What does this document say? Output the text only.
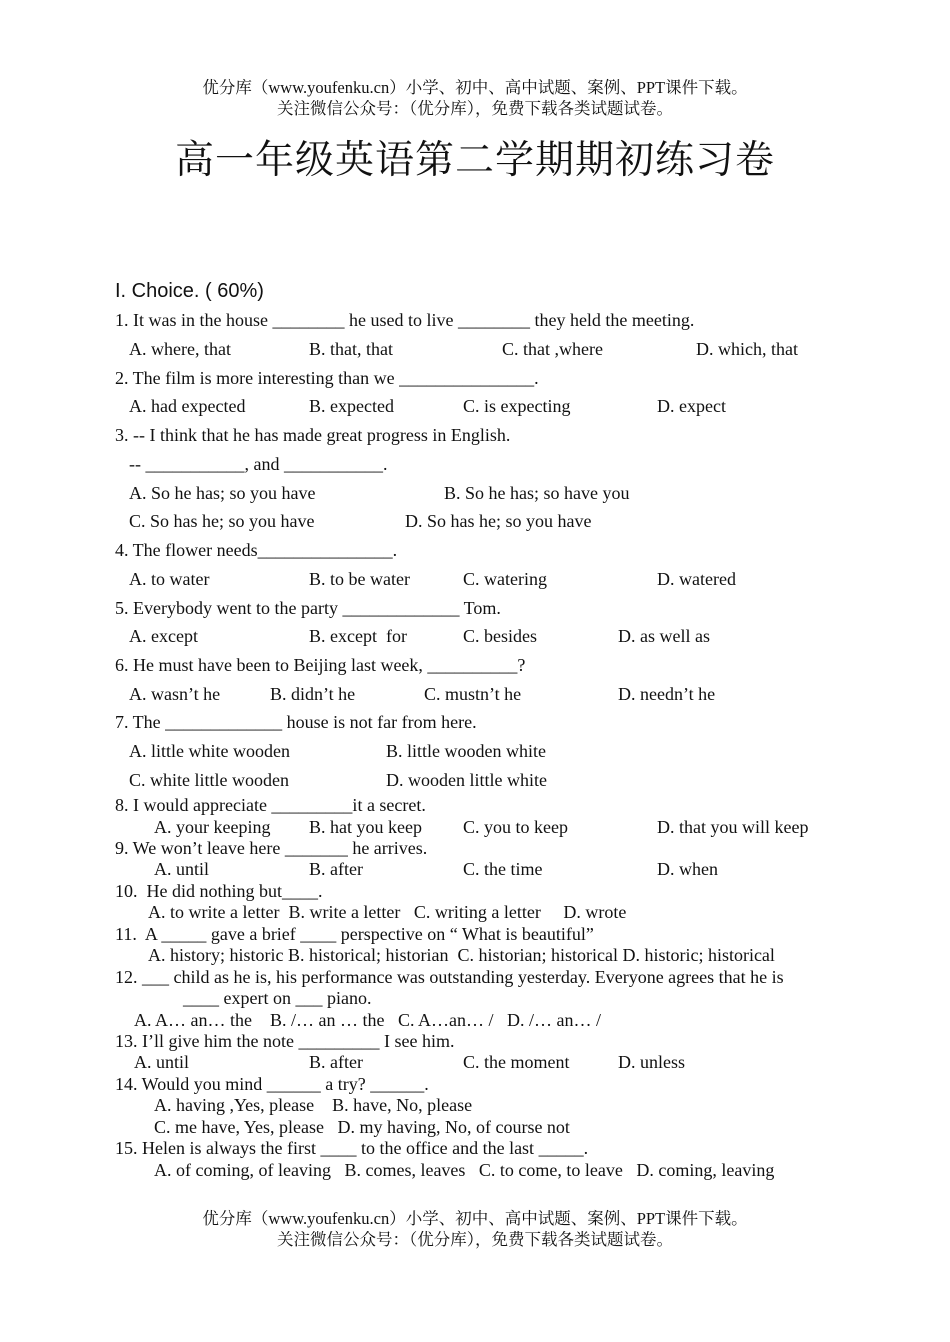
优分库（www.youfenku.cn）小学、初中、高中试题、案例、PPT课件下载。
关注微信公众号：（优分库），免费下载各类试题试卷。
高一年级英语第二学期期初练习卷
I. Choice. ( 60%)
1. It was in the house ________ he used to live ________ they held the meeting.
A. where, that	B. that, that	C. that ,where	D. which, that
2. The film is more interesting than we _______________.
A. had expected	B. expected	C. is expecting	D. expect
3. -- I think that he has made great progress in English.
-- ___________, and ___________.
A. So he has; so you have	B. So he has; so have you
C. So has he; so you have	D. So has he; so you have
4. The flower needs_______________.
A. to water	B. to be water	C. watering	D. watered
5. Everybody went to the party _____________ Tom.
A. except	B. except  for	C. besides	D. as well as
6. He must have been to Beijing last week, __________?
A. wasn’t he	B. didn’t he	C. mustn’t he	D. needn’t he
7. The _____________ house is not far from here.
A. little white wooden	B. little wooden white
C. white little wooden	D. wooden little white
8. I would appreciate _________it a secret.
A. your keeping B. hat you keep C. you to keep	D. that you will keep
9. We won’t leave here _______ he arrives.
A. until	B. after	C. the time	D. when
10.  He did nothing but____.
A. to write a letter  B. write a letter   C. writing a letter     D. wrote
11.  A _____ gave a brief ____ perspective on “ What is beautiful”
A. history; historic B. historical; historian  C. historian; historical D. historic; historical
12. ___ child as he is, his performance was outstanding yesterday. Everyone agrees that he is
____ expert on ___ piano.
A. A… an… the    B. /… an … the   C. A…an… /   D. /… an… /
13. I’ll give him the note _________ I see him.
A. until	B. after	C. the moment	D. unless
14. Would you mind ______ a try? ______.
A. having ,Yes, please    B. have, No, please
C. me have, Yes, please   D. my having, No, of course not
15. Helen is always the first ____ to the office and the last _____.
A. of coming, of leaving   B. comes, leaves   C. to come, to leave   D. coming, leaving
优分库（www.youfenku.cn）小学、初中、高中试题、案例、PPT课件下载。
关注微信公众号：（优分库），免费下载各类试题试卷。
